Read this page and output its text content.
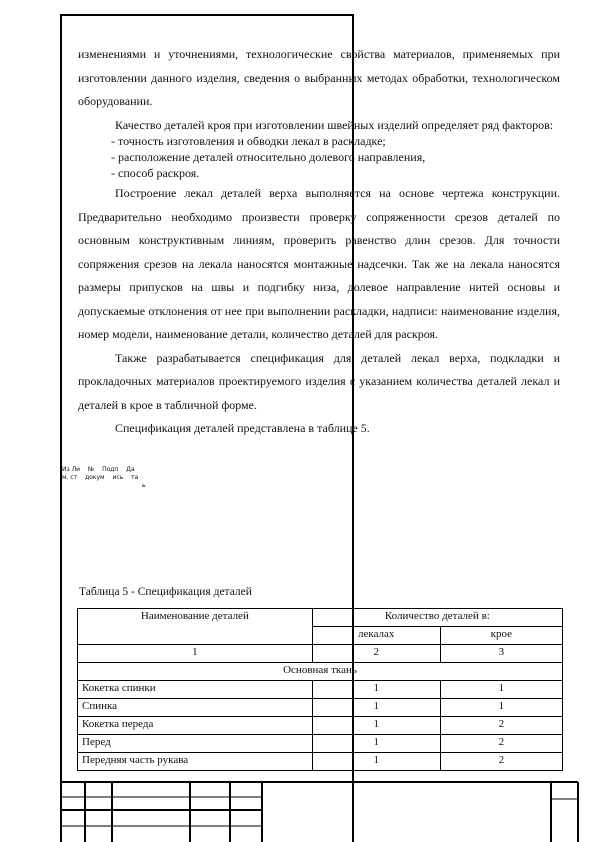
изменениями и уточнениями, технологические свойства материалов, применяемых при изготовлении данного изделия, сведения о выбранных методах обработки, технологическом оборудовании.

Качество деталей кроя при изготовлении швейных изделий определяет ряд факторов:

- точность изготовления и обводки лекал в раскладке;

- расположение деталей относительно долевого направления,

- способ раскроя.

Построение лекал деталей верха выполняется на основе чертежа конструкции. Предварительно необходимо произвести проверку сопряженности срезов деталей по основным конструктивным линиям, проверить равенство длин срезов. Для точности сопряжения срезов на лекала наносятся монтажные надсечки. Так же на лекала наносятся размеры припусков на швы и подгибку низа, долевое направление нитей основы и допускаемые отклонения от нее при выполнении раскладки, надписи: наименование изделия, номер модели, наименование детали, количество деталей для раскроя.

Также разрабатывается спецификация для деталей лекал верха, подкладки и прокладочных материалов проектируемого изделия с указанием количества деталей лекал и деталей в крое в табличной форме.

Спецификация деталей представлена в таблице 5.

Из Ли № Подп Да
м. ст докум ись та
ь
Таблица 5 - Спецификация деталей
Наименование деталей	Количество деталей в:	
	лекалах	крое
1	2	3
Основная ткань		
Кокетка спинки	1	1
Спинка	1	1
Кокетка переда	1	2
Перед	1	2
Передняя часть рукава	1	2
